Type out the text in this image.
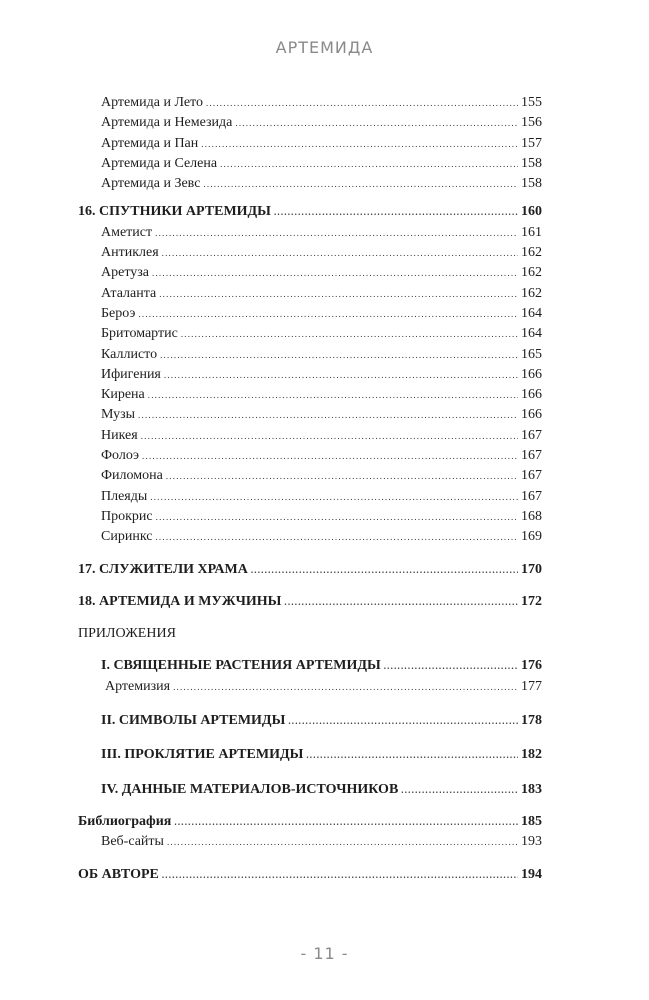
АРТЕМИДА
Артемида и Лето .....	155
Артемида и Немезида .....	156
Артемида и Пан .....	157
Артемида и Селена .....	158
Артемида и Зевс .....	158
16. СПУТНИКИ АРТЕМИДЫ .....	160
Аметист .....	161
Антиклея .....	162
Аретуза .....	162
Аталанта .....	162
Бероэ .....	164
Бритомартис .....	164
Каллисто .....	165
Ифигения .....	166
Кирена .....	166
Музы .....	166
Никея .....	167
Фолоэ .....	167
Филомона .....	167
Плеяды .....	167
Прокрис .....	168
Сиринкс .....	169
17. СЛУЖИТЕЛИ ХРАМА .....	170
18. АРТЕМИДА И МУЖЧИНЫ .....	172
ПРИЛОЖЕНИЯ
I. СВЯЩЕННЫЕ РАСТЕНИЯ АРТЕМИДЫ .....	176
Артемизия .....	177
II. СИМВОЛЫ АРТЕМИДЫ .....	178
III. ПРОКЛЯТИЕ АРТЕМИДЫ .....	182
IV. ДАННЫЕ МАТЕРИАЛОВ-ИСТОЧНИКОВ .....	183
Библиография .....	185
Веб-сайты .....	193
ОБ АВТОРЕ .....	194
- 11 -
